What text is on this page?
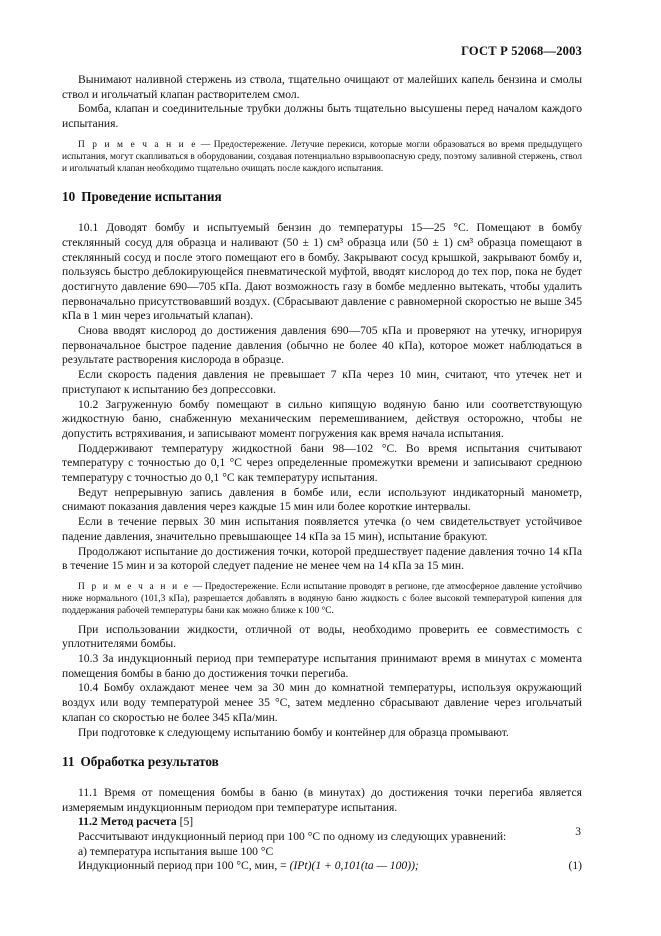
ГОСТ Р 52068—2003

Вынимают наливной стержень из ствола, тщательно очищают от малейших капель бензина и смолы ствол и игольчатый клапан растворителем смол.

Бомба, клапан и соединительные трубки должны быть тщательно высушены перед началом каждого испытания.

П р и м е ч а н и е — Предостережение. Летучие перекиси, которые могли образоваться во время предыдущего испытания, могут скапливаться в оборудовании, создавая потенциально взрывоопасную среду, поэтому заливной стержень, ствол и игольчатый клапан необходимо тщательно очищать после каждого испытания.

10 Проведение испытания

10.1 Доводят бомбу и испытуемый бензин до температуры 15—25 °С. Помещают в бомбу стеклянный сосуд для образца и наливают (50 ± 1) см³ образца или (50 ± 1) см³ образца помещают в стеклянный сосуд и после этого помещают его в бомбу. Закрывают сосуд крышкой, закрывают бомбу и, пользуясь быстро деблокирующейся пневматической муфтой, вводят кислород до тех пор, пока не будет достигнуто давление 690—705 кПа. Дают возможность газу в бомбе медленно вытекать, чтобы удалить первоначально присутствовавший воздух. (Сбрасывают давление с равномерной скоростью не выше 345 кПа в 1 мин через игольчатый клапан).

Снова вводят кислород до достижения давления 690—705 кПа и проверяют на утечку, игнорируя первоначальное быстрое падение давления (обычно не более 40 кПа), которое может наблюдаться в результате растворения кислорода в образце.

Если скорость падения давления не превышает 7 кПа через 10 мин, считают, что утечек нет и приступают к испытанию без допрессовки.

10.2 Загруженную бомбу помещают в сильно кипящую водяную баню или соответствующую жидкостную баню, снабженную механическим перемешиванием, действуя осторожно, чтобы не допустить встряхивания, и записывают момент погружения как время начала испытания.

Поддерживают температуру жидкостной бани 98—102 °С. Во время испытания считывают температуру с точностью до 0,1 °С через определенные промежутки времени и записывают среднюю температуру с точностью до 0,1 °С как температуру испытания.

Ведут непрерывную запись давления в бомбе или, если используют индикаторный манометр, снимают показания давления через каждые 15 мин или более короткие интервалы.

Если в течение первых 30 мин испытания появляется утечка (о чем свидетельствует устойчивое падение давления, значительно превышающее 14 кПа за 15 мин), испытание бракуют.

Продолжают испытание до достижения точки, которой предшествует падение давления точно 14 кПа в течение 15 мин и за которой следует падение не менее чем на 14 кПа за 15 мин.

П р и м е ч а н и е — Предостережение. Если испытание проводят в регионе, где атмосферное давление устойчиво ниже нормального (101,3 кПа), разрешается добавлять в водяную баню жидкость с более высокой температурой кипения для поддержания рабочей температуры бани как можно ближе к 100 °С.

При использовании жидкости, отличной от воды, необходимо проверить ее совместимость с уплотнителями бомбы.

10.3 За индукционный период при температуре испытания принимают время в минутах с момента помещения бомбы в баню до достижения точки перегиба.

10.4 Бомбу охлаждают менее чем за 30 мин до комнатной температуры, используя окружающий воздух или воду температурой менее 35 °С, затем медленно сбрасывают давление через игольчатый клапан со скоростью не более 345 кПа/мин.

При подготовке к следующему испытанию бомбу и контейнер для образца промывают.

11 Обработка результатов

11.1 Время от помещения бомбы в баню (в минутах) до достижения точки перегиба является измеряемым индукционным периодом при температуре испытания.

11.2 Метод расчета [5]

Рассчитывают индукционный период при 100 °С по одному из следующих уравнений:

а) температура испытания выше 100 °С

Индукционный период при 100 °С, мин, = (IPt)(1 + 0,101(ta — 100));	(1)
3
